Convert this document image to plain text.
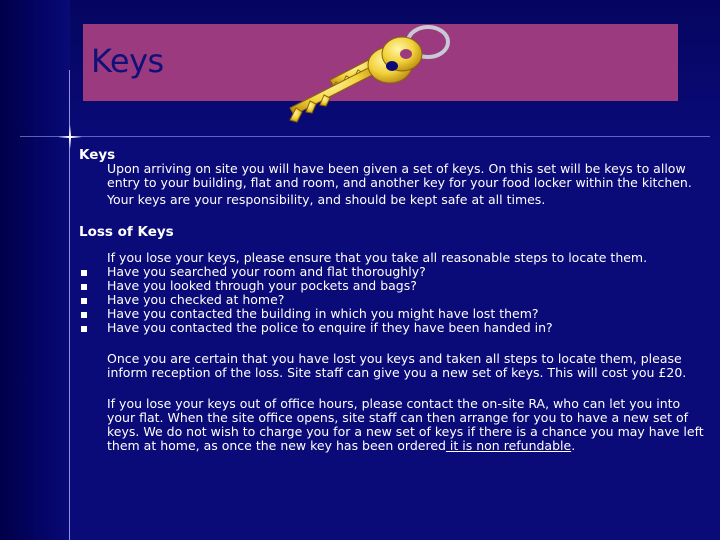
Keys

Keys

Upon arriving on site you will have been given a set of keys. On this set will be keys to allow entry to your building, flat and room, and another key for your food locker within the kitchen.

Your keys are your responsibility, and should be kept safe at all times.

Loss of Keys

If you lose your keys, please ensure that you take all reasonable steps to locate them.

Have you searched your room and flat thoroughly?
Have you looked through your pockets and bags?
Have you checked at home?
Have you contacted the building in which you might have lost them?
Have you contacted the police to enquire if they have been handed in?

Once you are certain that you have lost you keys and taken all steps to locate them, please inform reception of the loss. Site staff can give you a new set of keys. This will cost you £20.

If you lose your keys out of office hours, please contact the on-site RA, who can let you into your flat. When the site office opens, site staff can then arrange for you to have a new set of keys. We do not wish to charge you for a new set of keys if there is a chance you may have left them at home, as once the new key has been ordered it is non refundable.
